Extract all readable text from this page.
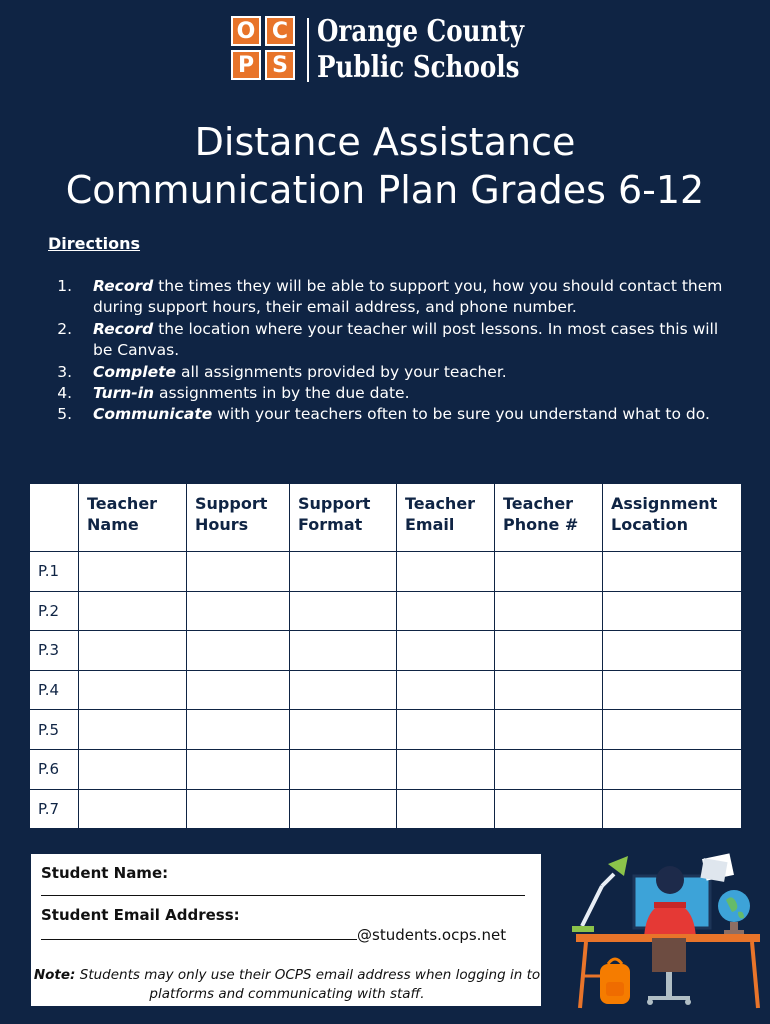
O C
P S
Orange County
Public Schools
Distance Assistance
Communication Plan Grades 6-12
Directions
1. Record the times they will be able to support you, how you should contact them during support hours, their email address, and phone number.
2. Record the location where your teacher will post lessons. In most cases this will be Canvas.
3. Complete all assignments provided by your teacher.
4. Turn-in assignments in by the due date.
5. Communicate with your teachers often to be sure you understand what to do.
	Teacher Name	Support Hours	Support Format	Teacher Email	Teacher Phone #	Assignment Location
P.1						
P.2						
P.3						
P.4						
P.5						
P.6						
P.7						
Student Name:
Student Email Address:
@students.ocps.net
Note: Students may only use their OCPS email address when logging in to platforms and communicating with staff.
